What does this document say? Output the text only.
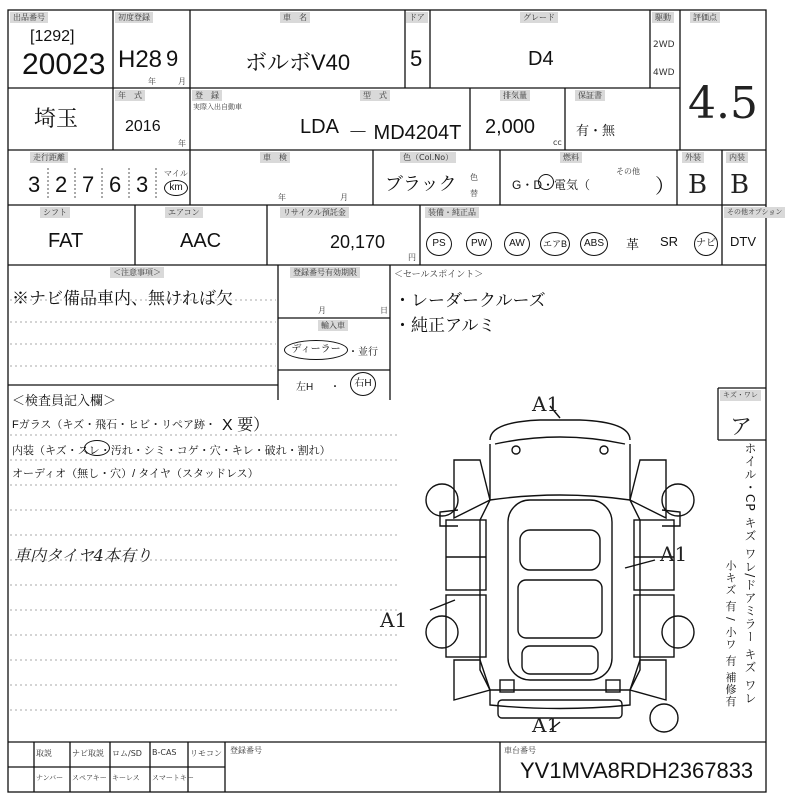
出品番号
[1292]
20023
初度登録
H28 9
年	月
車　名
ボルボV40
ドア
5
グレード
D4
駆動
2WD
4WD
評価点
4.5
年　式
埼玉	2016
年
登　録
実際入出自動車
型　式
LDA － MD4204T
排気量
2,000
cc
保証書
有・無
走行距離
3 2 7 6 3 マイル
km
車　検
年	月
色（Col.No）
ブラック 色
替
燃料
G・D・電気（
その他
）
外装
B
内装
B
シフト
FAT
エアコン
AAC
リサイクル預託金
20,170
円
装備・純正品	その他オプション
PS	PW	AW	エアB	ABS	革 SR ナビ DTV
＜注意事項＞
※ナビ備品車内、無ければ欠
登録番号有効期限
月	日
輸入車
ディーラー ・並行
左H ・	右H
＜セールスポイント＞
・レーダークルーズ
・純正アルミ
＜検査員記入欄＞
Fガラス（キズ・飛石・ヒビ・リペア跡・ X 要）
内装（キズ・スレ・汚れ・シミ・コゲ・穴・キレ・破れ・割れ）
オーディオ（無し・穴）/ タイヤ（スタッドレス）
車内タイヤ4本有り
A1
A1
A1
A1
キズ・ワレ
ア
ホイル・CP キズ ワレ/ドアミラー キズ ワレ
小キズ 有 / 小ワ 有 補修有
取説	ナビ取説 ロム/SD B-CAS リモコン
ナンバー スペアキー キーレス スマートキー
登録番号	車台番号
YV1MVA8RDH2367833
